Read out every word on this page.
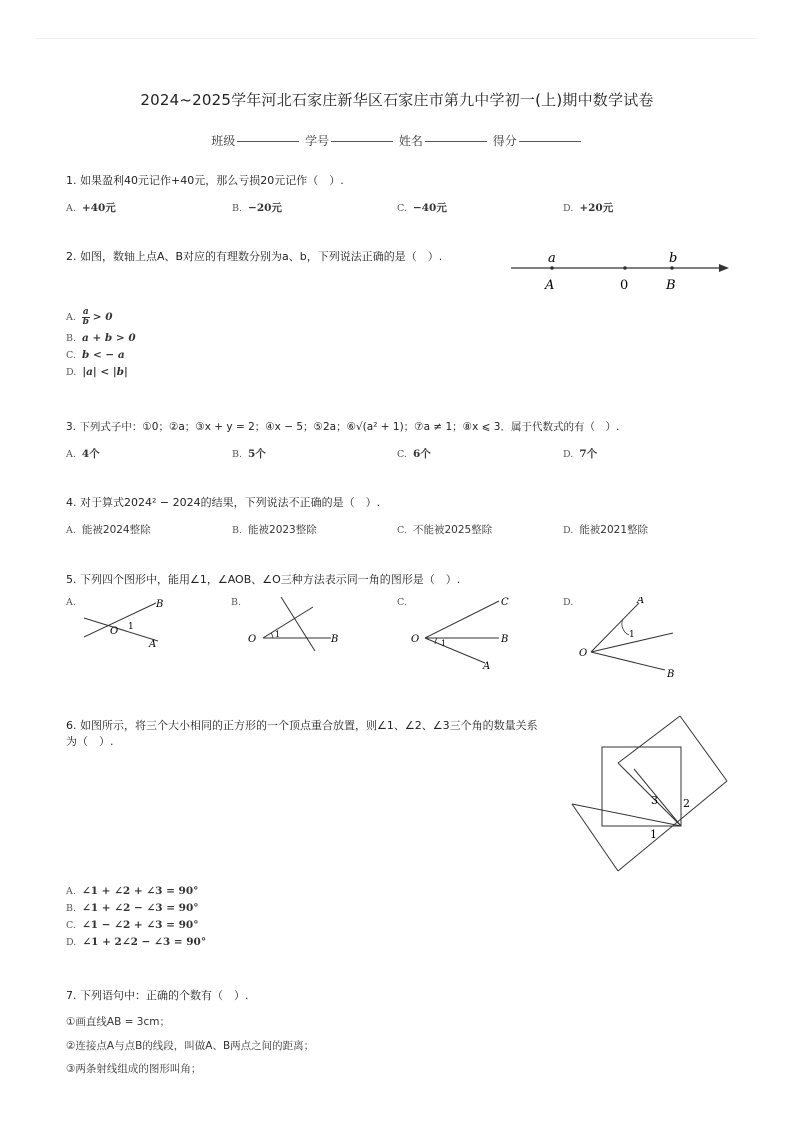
2024~2025学年河北石家庄新华区石家庄市第九中学初一(上)期中数学试卷
班级	学号	姓名	得分
1. 如果盈利40元记作+40元，那么亏损20元记作（　）.
A. +40元	B. −20元	C. −40元	D. +20元
2. 如图，数轴上点A、B对应的有理数分别为a、b，下列说法正确的是（　）.	a	b
A	0	B
A. $\frac{a}{b} > 0$
B. a + b > 0
C. b < − a
D. |a| < |b|
3. 下列式子中：①0；②a；③x + y = 2；④x − 5；⑤2a；⑥√(a² + 1)；⑦a ≠ 1；⑧x ⩽ 3．属于代数式的有（　）.
A. 4个	B. 5个	C. 6个	D. 7个
4. 对于算式2024² − 2024的结果，下列说法不正确的是（　）.
A. 能被2024整除	B. 能被2023整除	C. 不能被2025整除	D. 能被2021整除
5. 下列四个图形中，能用∠1，∠AOB、∠O三种方法表示同一角的图形是（　）.
A.	B
A
O 1
B.
O	B
1
C.
O
C
B
A
1
D.
O
A
B
1
6. 如图所示，将三个大小相同的正方形的一个顶点重合放置，则∠1、∠2、∠3三个角的数量关系
为（　）.
1
2
3
A. ∠1 + ∠2 + ∠3 = 90°
B. ∠1 + ∠2 − ∠3 = 90°
C. ∠1 − ∠2 + ∠3 = 90°
D. ∠1 + 2∠2 − ∠3 = 90°
7. 下列语句中：正确的个数有（　）.
①画直线AB = 3cm；
②连接点A与点B的线段，叫做A、B两点之间的距离；
③两条射线组成的图形叫角；
